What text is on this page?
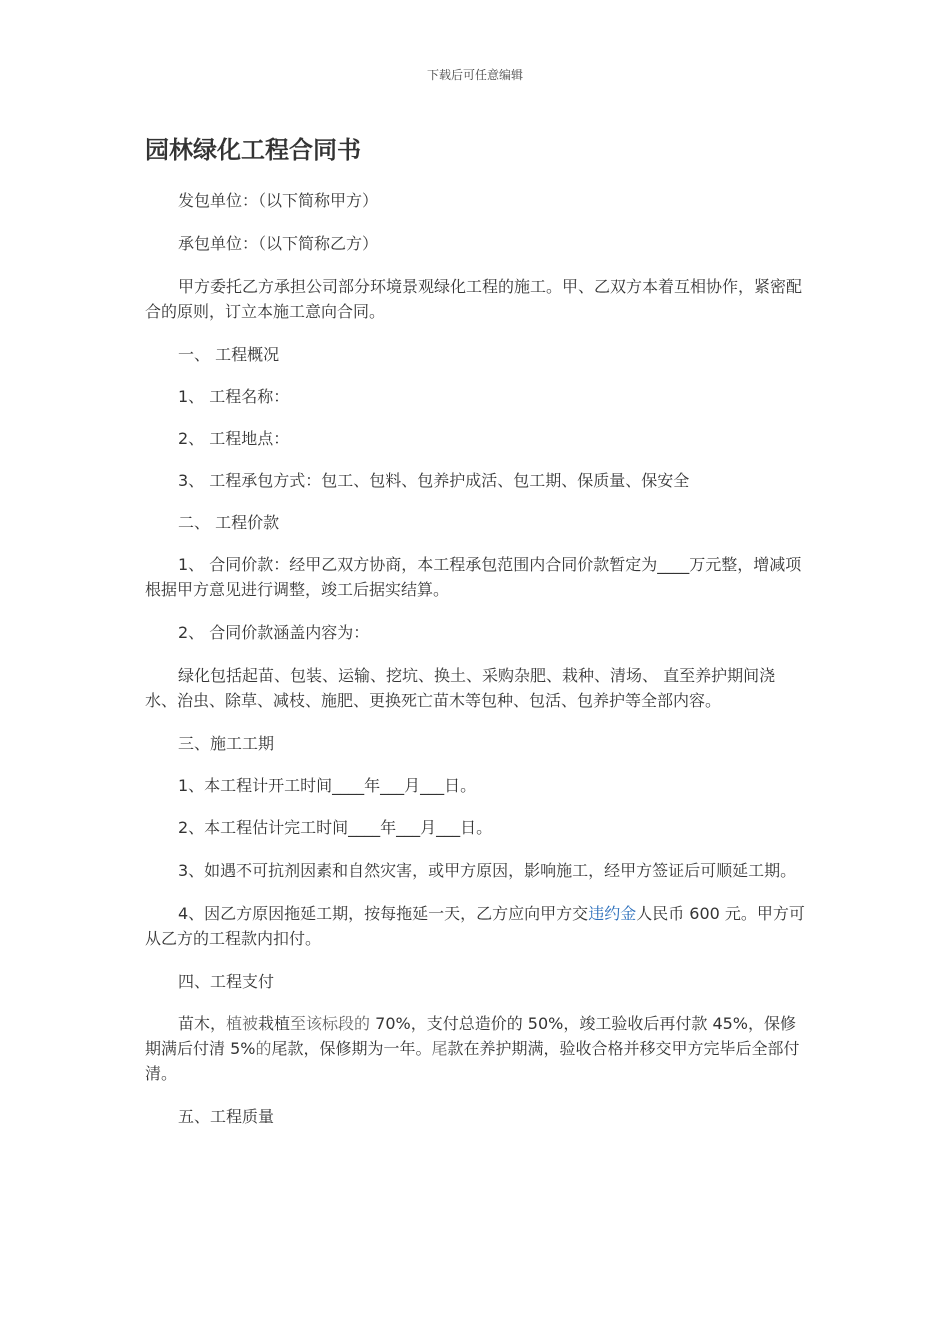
下载后可任意编辑
园林绿化工程合同书

发包单位：（以下简称甲方）

承包单位：（以下简称乙方）

甲方委托乙方承担公司部分环境景观绿化工程的施工。甲、乙双方本着互相协作，紧密配合的原则，订立本施工意向合同。

一、 工程概况

1、 工程名称：

2、 工程地点：

3、 工程承包方式：包工、包料、包养护成活、包工期、保质量、保安全

二、 工程价款

1、 合同价款：经甲乙双方协商，本工程承包范围内合同价款暂定为____万元整，增减项根据甲方意见进行调整，竣工后据实结算。

2、 合同价款涵盖内容为：

绿化包括起苗、包装、运输、挖坑、换土、采购杂肥、栽种、清场、 直至养护期间浇水、治虫、除草、减枝、施肥、更换死亡苗木等包种、包活、包养护等全部内容。

三、施工工期

1、本工程计开工时间____年___月___日。

2、本工程估计完工时间____年___月___日。

3、如遇不可抗剂因素和自然灾害，或甲方原因，影响施工，经甲方签证后可顺延工期。

4、因乙方原因拖延工期，按每拖延一天，乙方应向甲方交违约金人民币 600 元。甲方可从乙方的工程款内扣付。

四、工程支付

苗木，植被栽植至该标段的 70%，支付总造价的 50%，竣工验收后再付款 45%，保修期满后付清 5%的尾款，保修期为一年。尾款在养护期满，验收合格并移交甲方完毕后全部付清。

五、工程质量
